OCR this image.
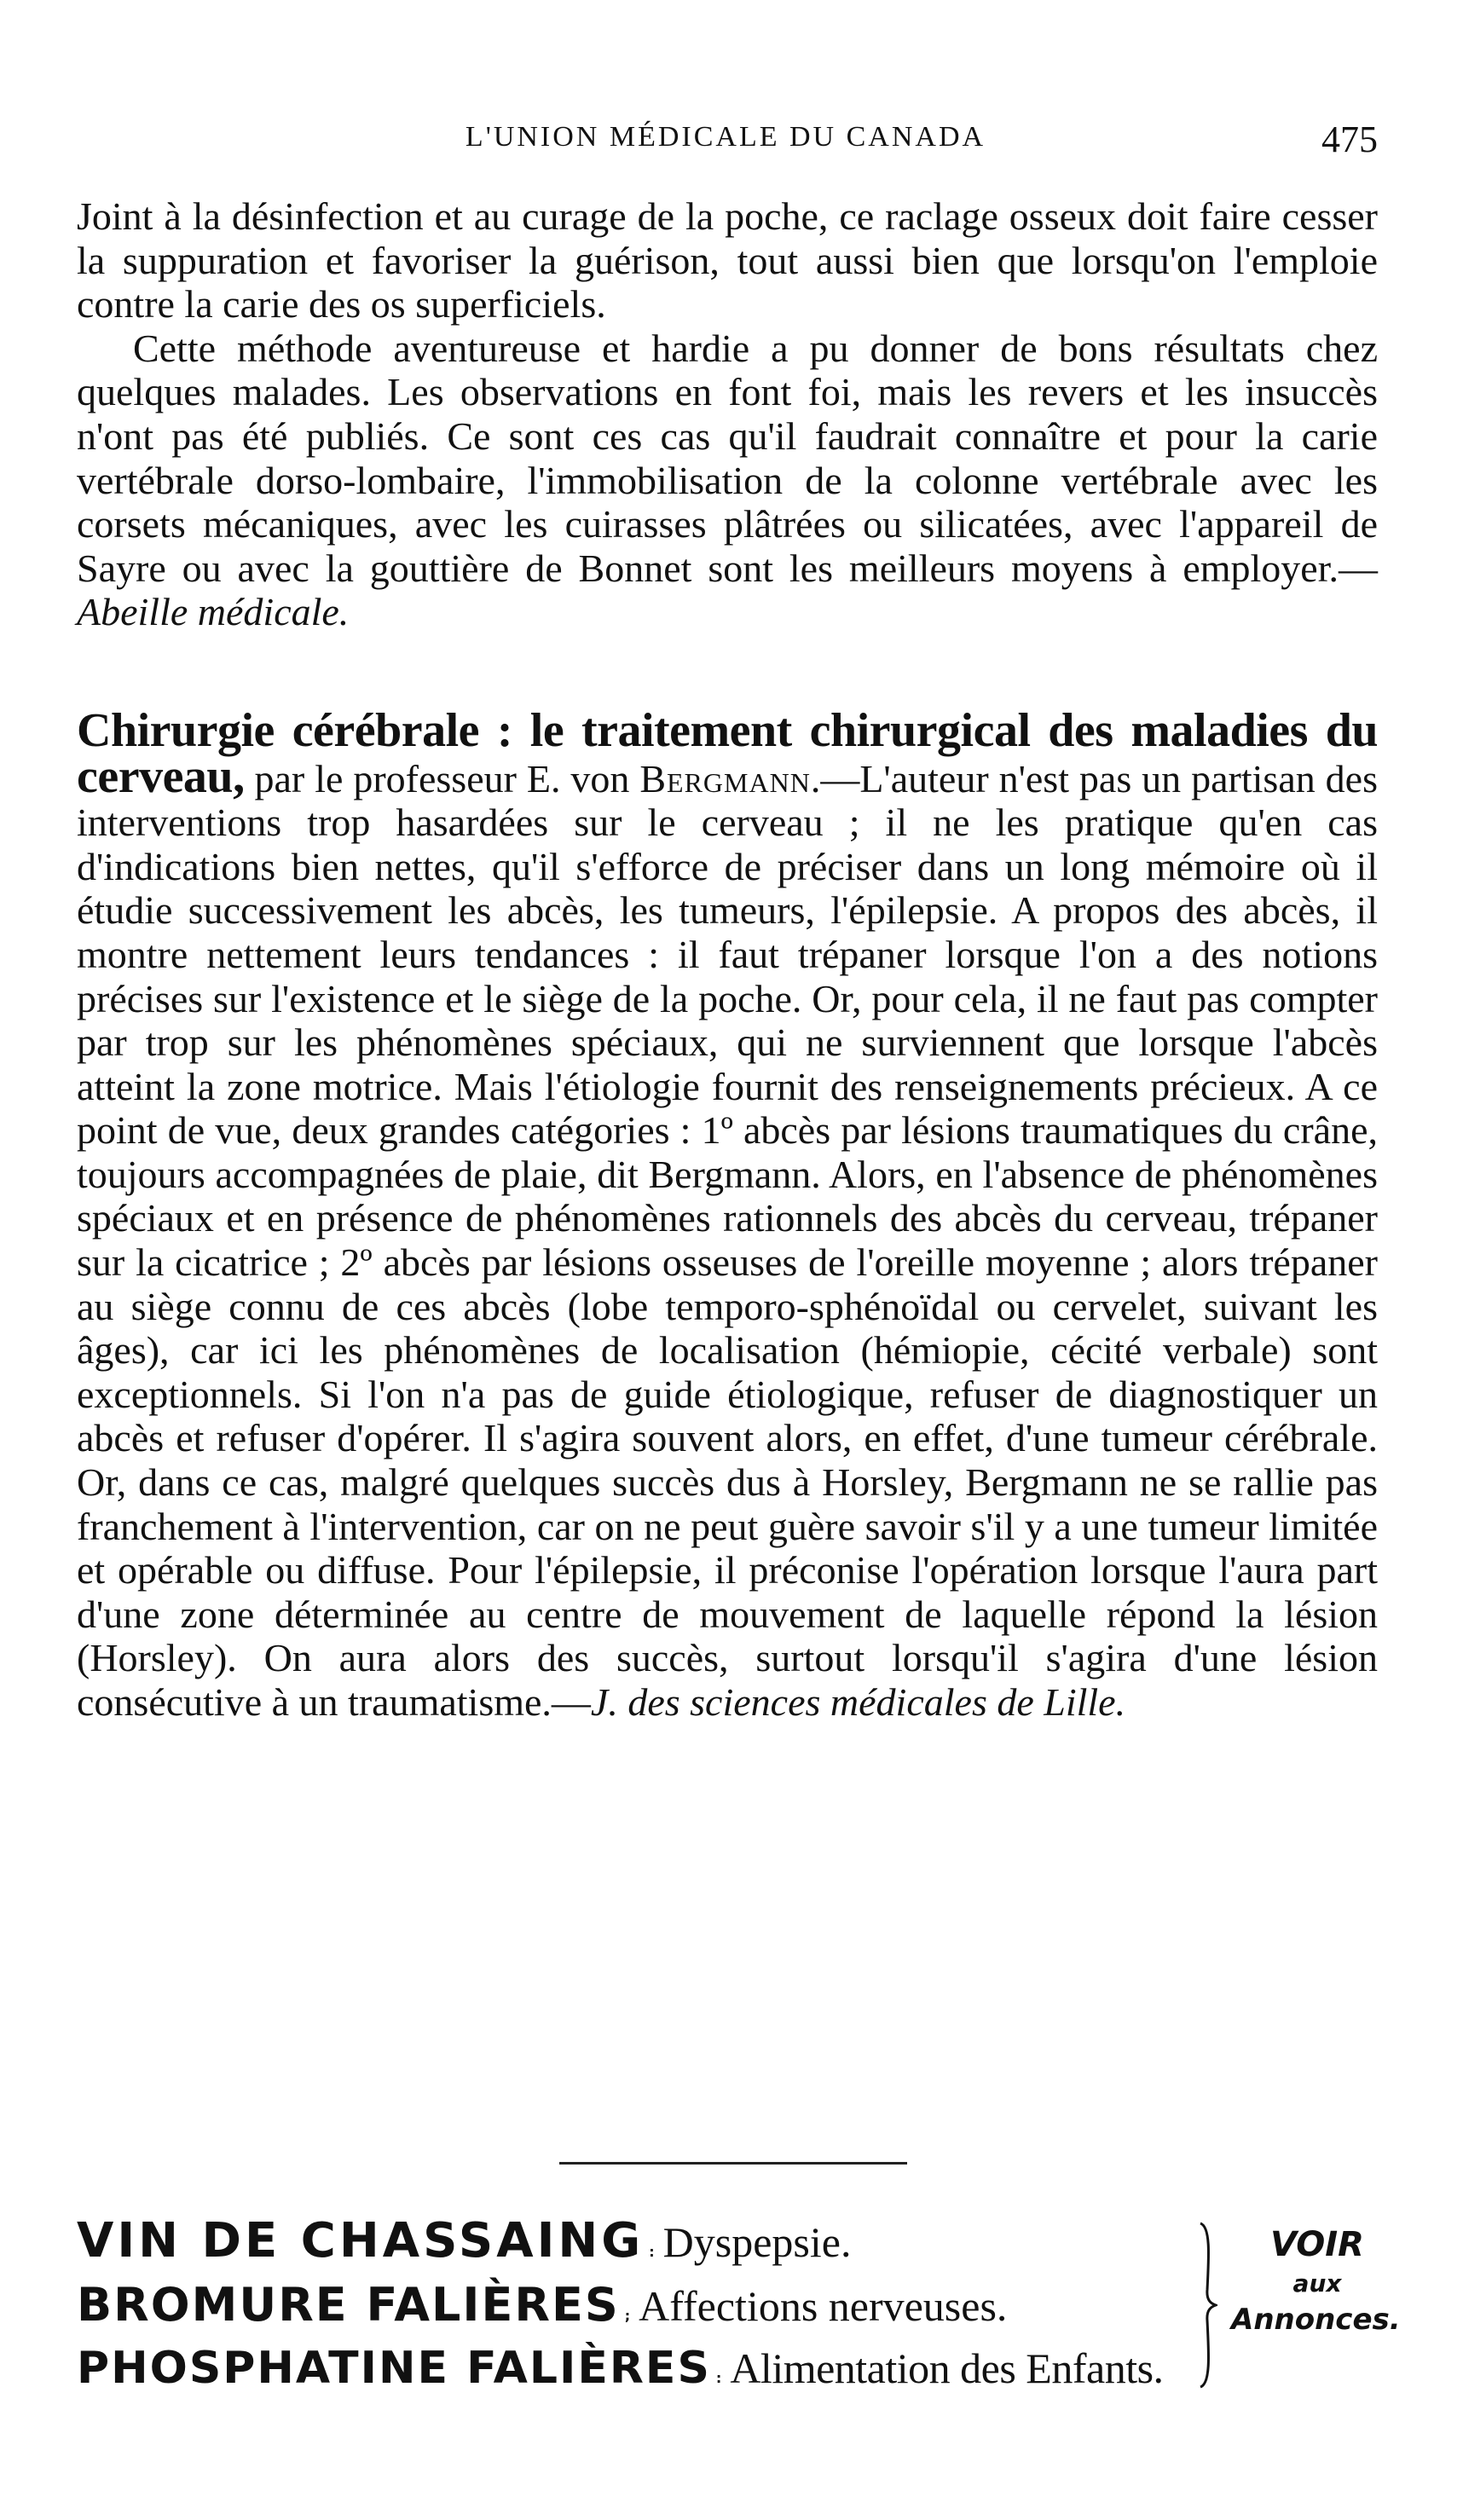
L'UNION MÉDICALE DU CANADA	475

Joint à la désinfection et au curage de la poche, ce raclage osseux doit faire cesser la suppuration et favoriser la guérison, tout aussi bien que lorsqu'on l'emploie contre la carie des os superficiels.

Cette méthode aventureuse et hardie a pu donner de bons résultats chez quelques malades. Les observations en font foi, mais les revers et les insuccès n'ont pas été publiés. Ce sont ces cas qu'il faudrait connaître et pour la carie vertébrale dorso-lombaire, l'immobilisation de la colonne vertébrale avec les corsets mécaniques, avec les cuirasses plâtrées ou silicatées, avec l'appareil de Sayre ou avec la gouttière de Bonnet sont les meilleurs moyens à employer.—Abeille médicale.

Chirurgie cérébrale : le traitement chirurgical des maladies du cerveau, par le professeur E. von Bergmann.—L'auteur n'est pas un partisan des interventions trop hasardées sur le cerveau ; il ne les pratique qu'en cas d'indications bien nettes, qu'il s'efforce de préciser dans un long mémoire où il étudie successivement les abcès, les tumeurs, l'épilepsie. A propos des abcès, il montre nettement leurs tendances : il faut trépaner lorsque l'on a des notions précises sur l'existence et le siège de la poche. Or, pour cela, il ne faut pas compter par trop sur les phénomènes spéciaux, qui ne surviennent que lorsque l'abcès atteint la zone motrice. Mais l'étiologie fournit des renseignements précieux. A ce point de vue, deux grandes catégories : 1º abcès par lésions traumatiques du crâne, toujours accompagnées de plaie, dit Bergmann. Alors, en l'absence de phénomènes spéciaux et en présence de phénomènes rationnels des abcès du cerveau, trépaner sur la cicatrice ; 2º abcès par lésions osseuses de l'oreille moyenne ; alors trépaner au siège connu de ces abcès (lobe temporo-sphénoïdal ou cervelet, suivant les âges), car ici les phénomènes de localisation (hémiopie, cécité verbale) sont exceptionnels. Si l'on n'a pas de guide étiologique, refuser de diagnostiquer un abcès et refuser d'opérer. Il s'agira souvent alors, en effet, d'une tumeur cérébrale. Or, dans ce cas, malgré quelques succès dus à Horsley, Bergmann ne se rallie pas franchement à l'intervention, car on ne peut guère savoir s'il y a une tumeur limitée et opérable ou diffuse. Pour l'épilepsie, il préconise l'opération lorsque l'aura part d'une zone déterminée au centre de mouvement de laquelle répond la lésion (Horsley). On aura alors des succès, surtout lorsqu'il s'agira d'une lésion consécutive à un traumatisme.—J. des sciences médicales de Lille.

VIN DE CHASSAING : Dyspepsie.
BROMURE FALIÈRES ; Affections nerveuses.
PHOSPHATINE FALIÈRES : Alimentation des Enfants.
VOIR
aux
Annonces.
